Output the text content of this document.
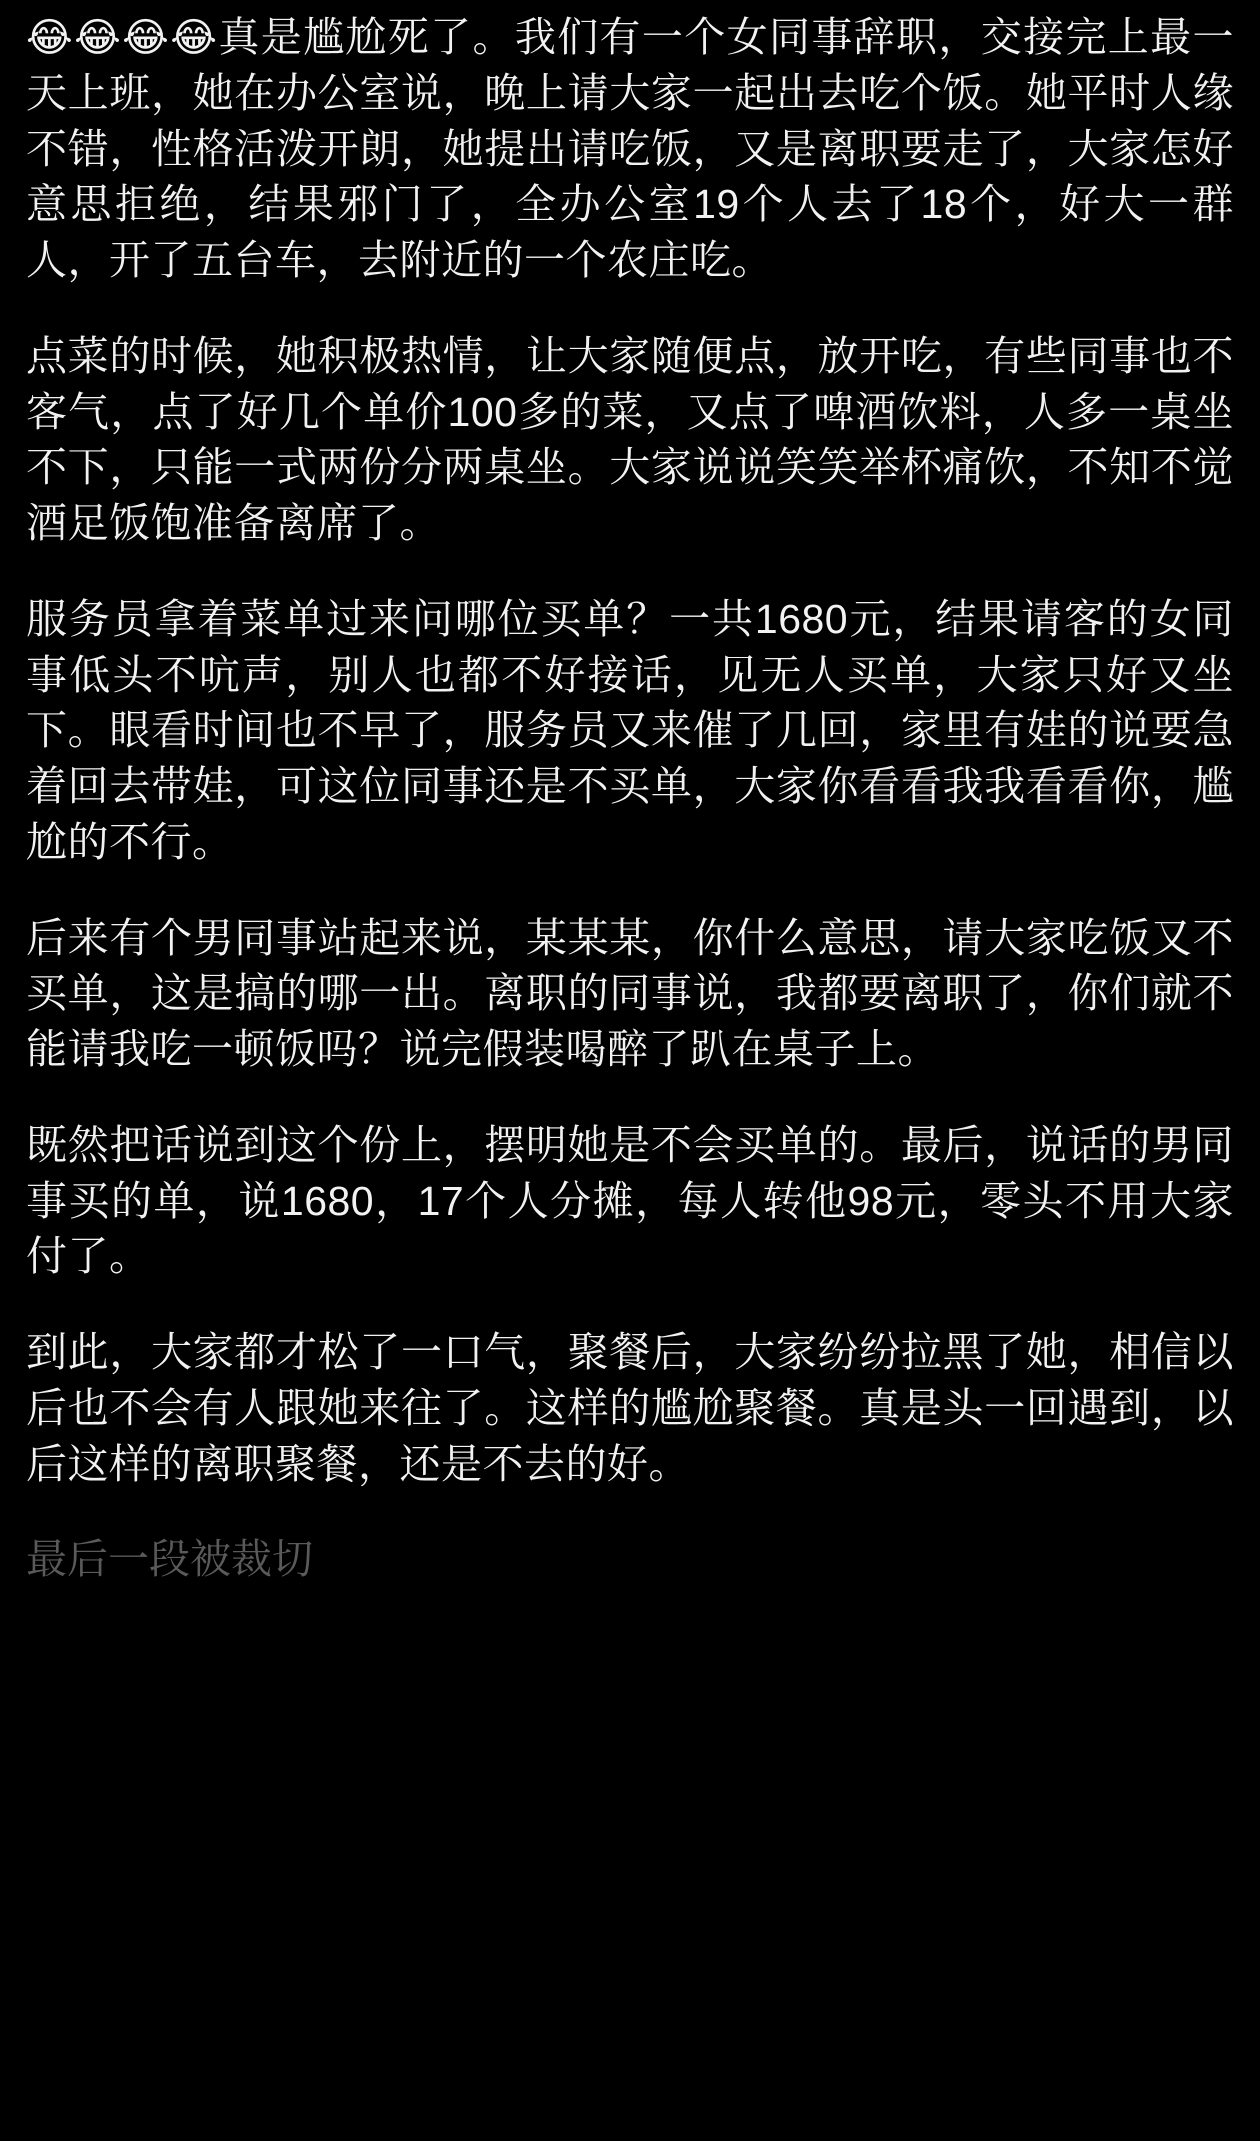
😂😂😂😂真是尴尬死了。我们有一个女同事辞职，交接完上最一天上班，她在办公室说，晚上请大家一起出去吃个饭。她平时人缘不错，性格活泼开朗，她提出请吃饭，又是离职要走了，大家怎好意思拒绝，结果邪门了，全办公室19个人去了18个，好大一群人，开了五台车，去附近的一个农庄吃。

点菜的时候，她积极热情，让大家随便点，放开吃，有些同事也不客气，点了好几个单价100多的菜，又点了啤酒饮料，人多一桌坐不下，只能一式两份分两桌坐。大家说说笑笑举杯痛饮，不知不觉酒足饭饱准备离席了。

服务员拿着菜单过来问哪位买单？一共1680元，结果请客的女同事低头不吭声，别人也都不好接话，见无人买单，大家只好又坐下。眼看时间也不早了，服务员又来催了几回，家里有娃的说要急着回去带娃，可这位同事还是不买单，大家你看看我我看看你，尴尬的不行。

后来有个男同事站起来说，某某某，你什么意思，请大家吃饭又不买单，这是搞的哪一出。离职的同事说，我都要离职了，你们就不能请我吃一顿饭吗？说完假装喝醉了趴在桌子上。

既然把话说到这个份上，摆明她是不会买单的。最后，说话的男同事买的单，说1680，17个人分摊，每人转他98元，零头不用大家付了。

到此，大家都才松了一口气，聚餐后，大家纷纷拉黑了她，相信以后也不会有人跟她来往了。这样的尴尬聚餐。真是头一回遇到，以后这样的离职聚餐，还是不去的好。

最后一段被裁切
